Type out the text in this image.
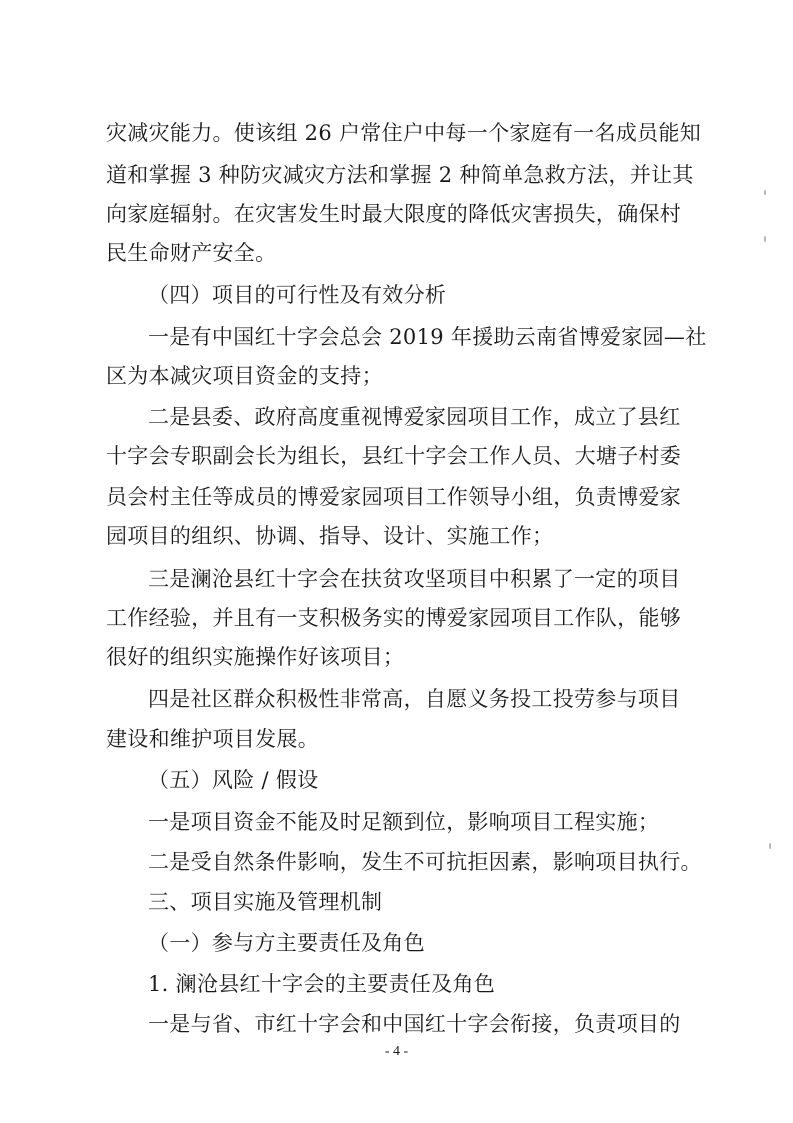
灾减灾能力。使该组 26 户常住户中每一个家庭有一名成员能知
道和掌握 3 种防灾减灾方法和掌握 2 种简单急救方法，并让其
向家庭辐射。在灾害发生时最大限度的降低灾害损失，确保村
民生命财产安全。
（四）项目的可行性及有效分析
一是有中国红十字会总会 2019 年援助云南省博爱家园—社
区为本减灾项目资金的支持；
二是县委、政府高度重视博爱家园项目工作，成立了县红
十字会专职副会长为组长，县红十字会工作人员、大塘子村委
员会村主任等成员的博爱家园项目工作领导小组，负责博爱家
园项目的组织、协调、指导、设计、实施工作；
三是澜沧县红十字会在扶贫攻坚项目中积累了一定的项目
工作经验，并且有一支积极务实的博爱家园项目工作队，能够
很好的组织实施操作好该项目；
四是社区群众积极性非常高，自愿义务投工投劳参与项目
建设和维护项目发展。
（五）风险 / 假设
一是项目资金不能及时足额到位，影响项目工程实施；
二是受自然条件影响，发生不可抗拒因素，影响项目执行。
三、项目实施及管理机制
（一）参与方主要责任及角色
1. 澜沧县红十字会的主要责任及角色
一是与省、市红十字会和中国红十字会衔接，负责项目的
- 4 -
